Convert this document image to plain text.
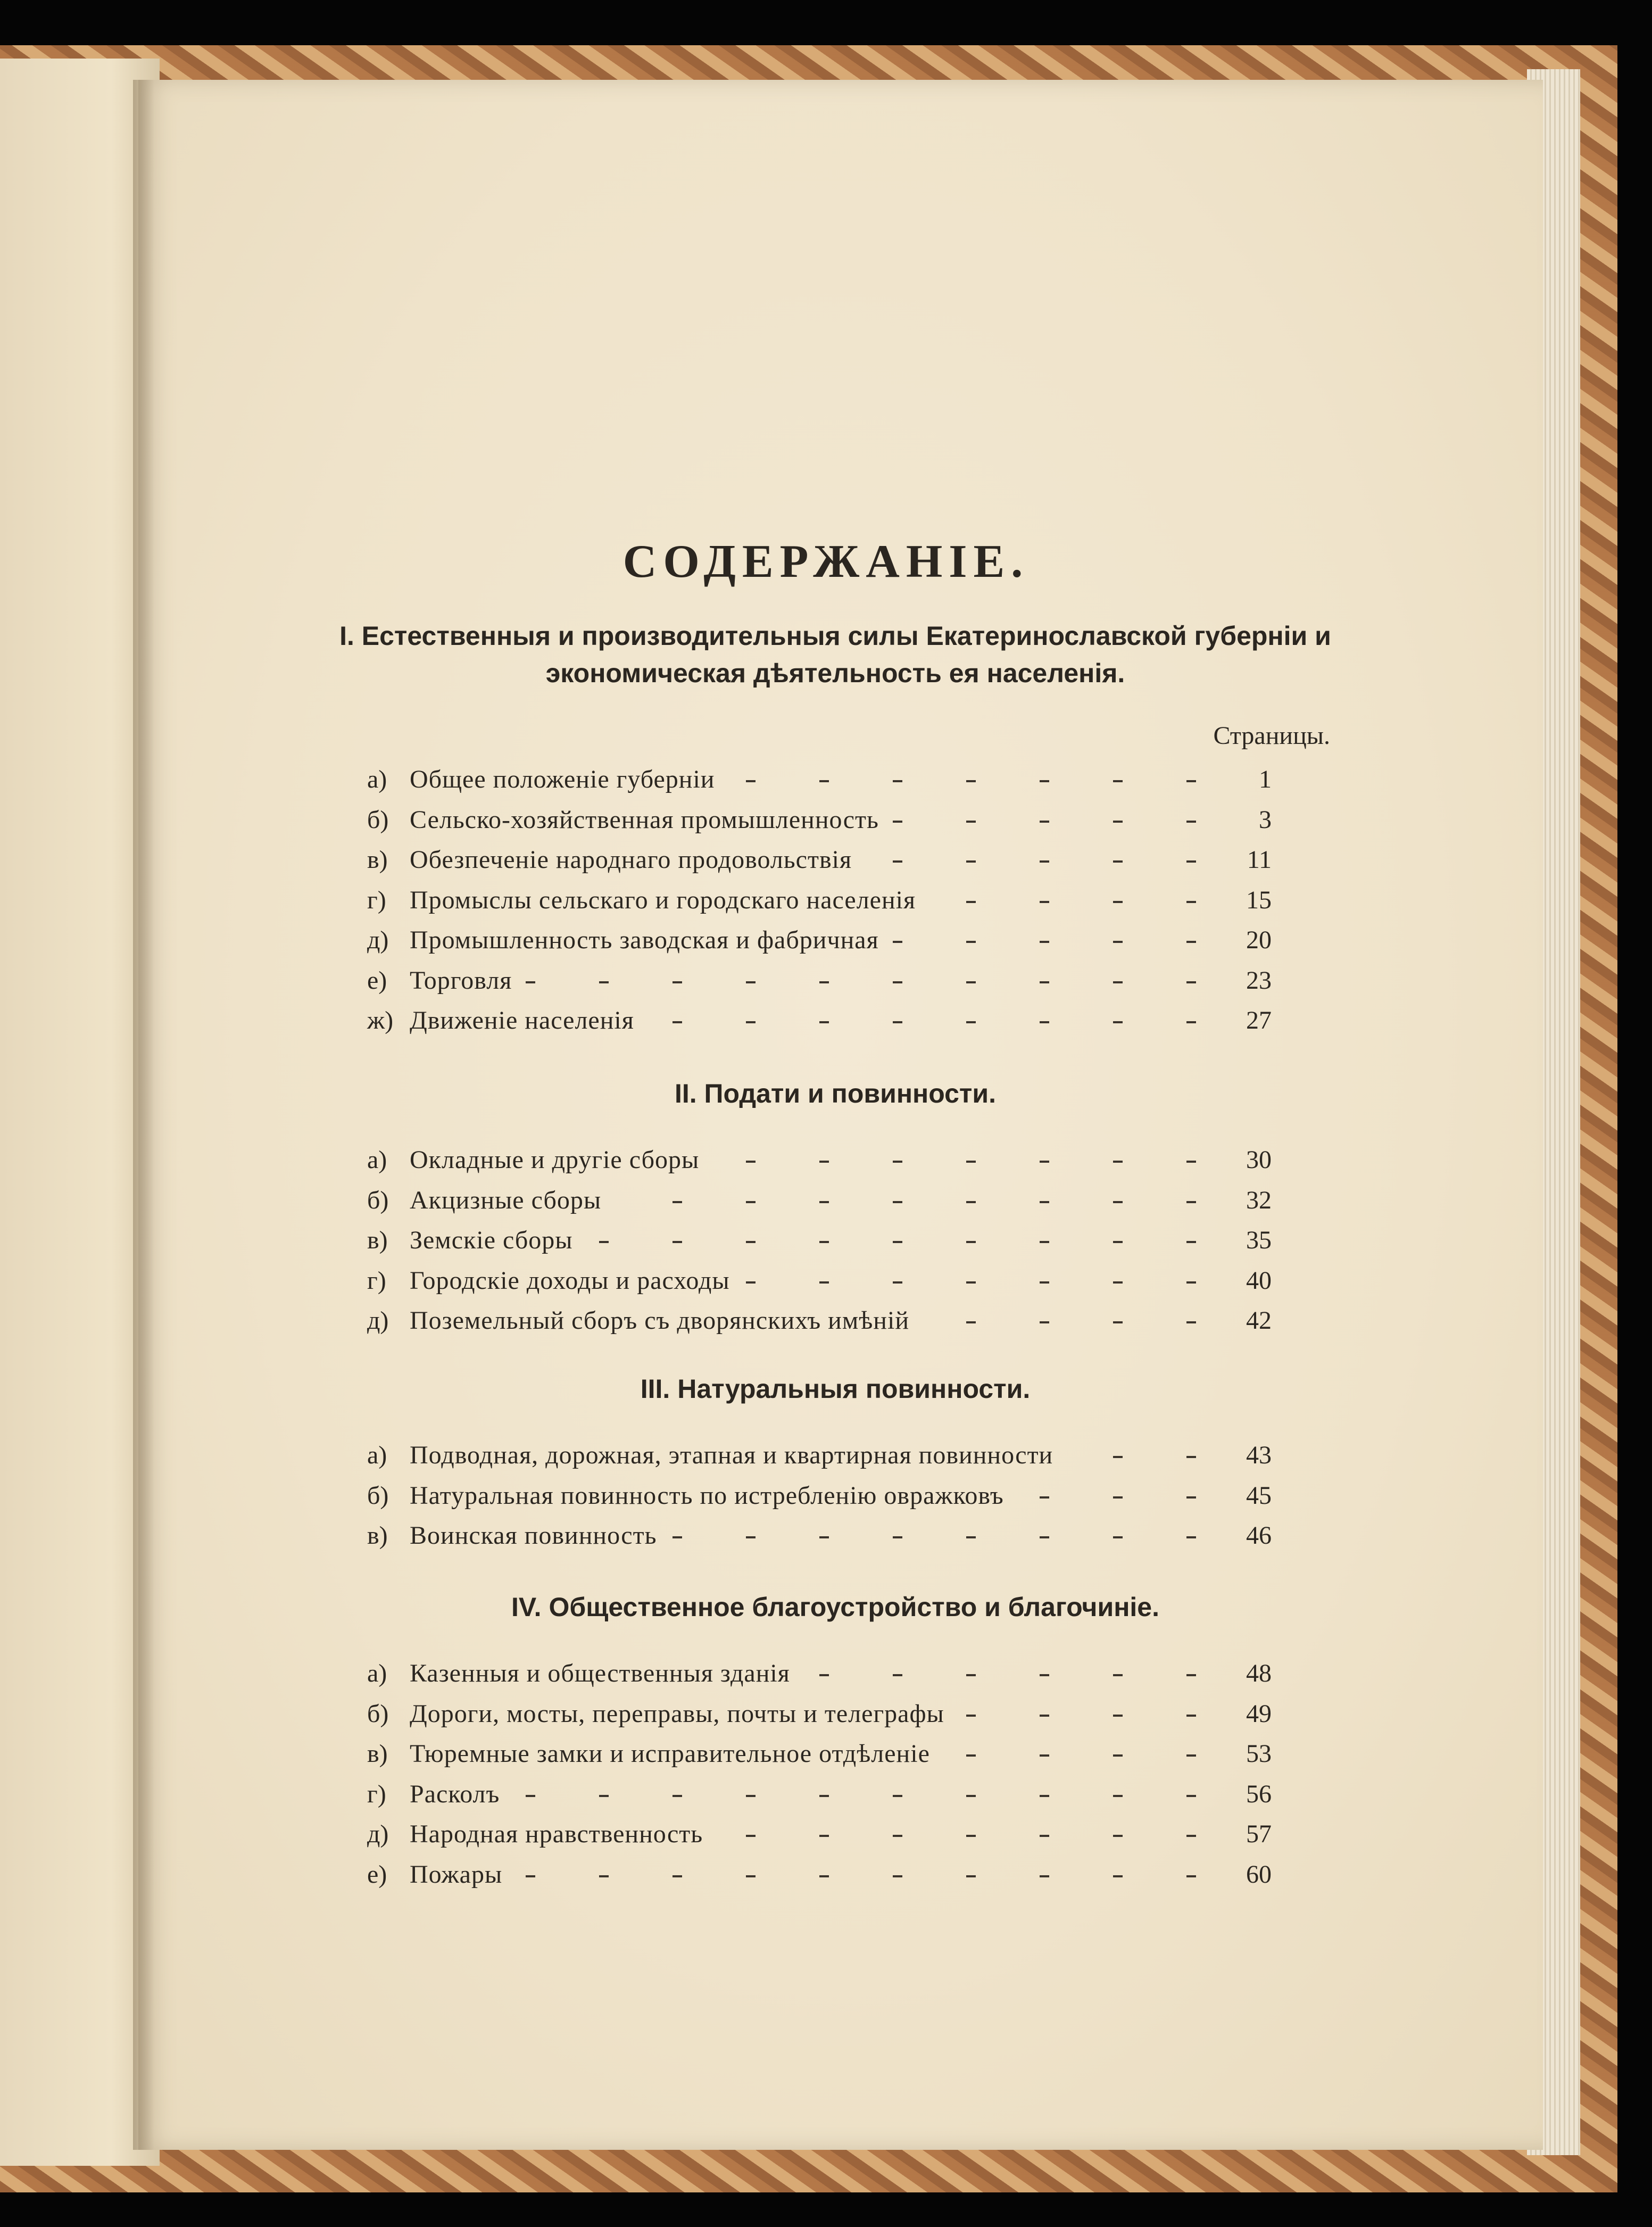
СОДЕРЖАНIЕ.
I. Естественныя и производительныя силы Екатеринославской губернiи и
экономическая дѣятельность ея населенiя.
Страницы.
а) Общее положенiе губернiи	1
б) Сельско-хозяйственная промышленность	3
в) Обезпеченiе народнаго продовольствiя	11
г) Промыслы сельскаго и городскаго населенiя	15
д) Промышленность заводская и фабричная	20
е) Торговля	23
ж) Движенiе населенiя	27
а) Окладные и другiе сборы	30
б) Акцизные сборы	32
в) Земскiе сборы	35
г) Городскiе доходы и расходы	40
д) Поземельный сборъ съ дворянскихъ имѣнiй	42
а) Подводная, дорожная, этапная и квартирная повинности	43
б) Натуральная повинность по истребленiю овражковъ	45
в) Воинская повинность	46
а) Казенныя и общественныя зданiя	48
б) Дороги, мосты, переправы, почты и телеграфы	49
в) Тюремные замки и исправительное отдѣленiе	53
г) Расколъ	56
д) Народная нравственность	57
е) Пожары	60
II. Подати и повинности.
III. Натуральныя повинности.
IV. Общественное благоустройство и благочинiе.
